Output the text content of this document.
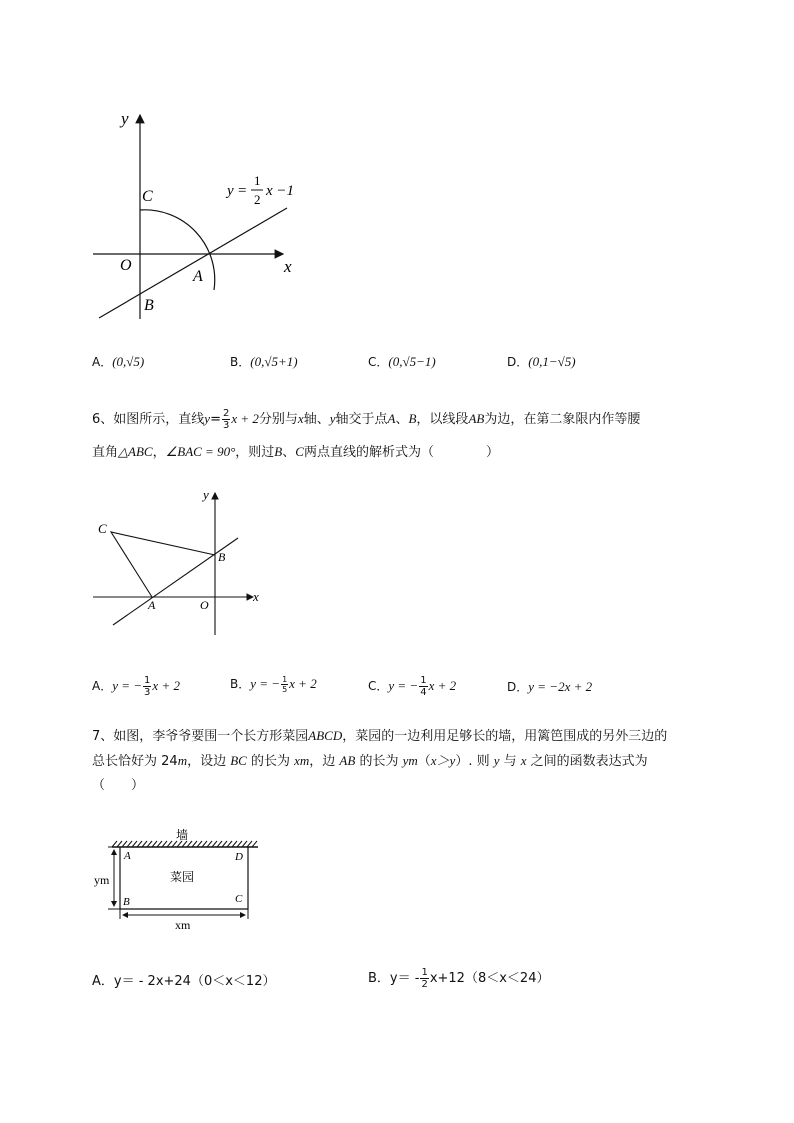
y
x
O
A
B
C	y =
1
2
x −1
A．(0,√5)	B．(0,√5+1)	C．(0,√5−1)	D．(0,1−√5)
6、如图所示，直线$y= \frac{2}{3}$ x + 2分别与x轴、y轴交于点A、B，以线段AB为边，在第二象限内作等腰
直角△ABC，∠BAC = 90°，则过B、C两点直线的解析式为（　　　　）
y
x
O
A
B
C
A．y = − $\frac{1}{3}$ x + 2	B．y = − $\frac{1}{5}$ x + 2	C．y = − $\frac{1}{4}$ x + 2	D．y = −2x + 2
7、如图，李爷爷要围一个长方形菜园ABCD，菜园的一边利用足够长的墙，用篱笆围成的另外三边的
总长恰好为 24m，设边 BC 的长为 xm，边 AB 的长为 ym（x＞y）. 则 y 与 x 之间的函数表达式为
（　　）
墙
A	D
B	C
菜园
ym
xm
A．y＝ - 2x+24（0＜x＜12）	B．$y= - \frac{1}{2} x+12(8<x<24)$
